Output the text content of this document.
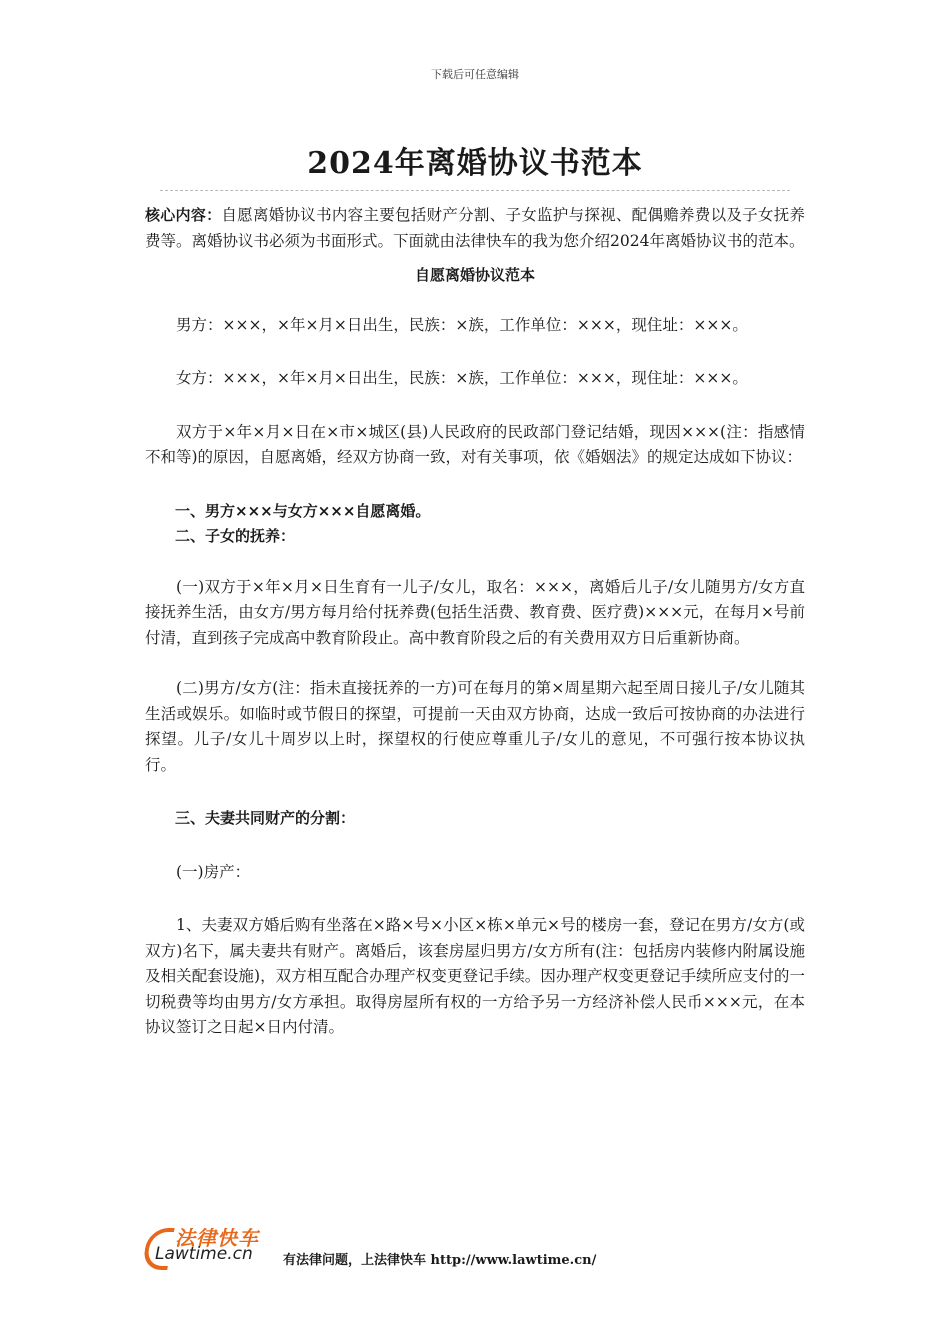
下载后可任意编辑
2024年离婚协议书范本

核心内容：自愿离婚协议书内容主要包括财产分割、子女监护与探视、配偶赡养费以及子女抚养费等。离婚协议书必须为书面形式。下面就由法律快车的我为您介绍2024年离婚协议书的范本。

自愿离婚协议范本

男方：×××，×年×月×日出生，民族：×族，工作单位：×××，现住址：×××。

女方：×××，×年×月×日出生，民族：×族，工作单位：×××，现住址：×××。

双方于×年×月×日在×市×城区(县)人民政府的民政部门登记结婚，现因×××(注：指感情不和等)的原因，自愿离婚，经双方协商一致，对有关事项，依《婚姻法》的规定达成如下协议：

一、男方×××与女方×××自愿离婚。

二、子女的抚养：

(一)双方于×年×月×日生育有一儿子/女儿，取名：×××，离婚后儿子/女儿随男方/女方直接抚养生活，由女方/男方每月给付抚养费(包括生活费、教育费、医疗费)×××元，在每月×号前付清，直到孩子完成高中教育阶段止。高中教育阶段之后的有关费用双方日后重新协商。

(二)男方/女方(注：指未直接抚养的一方)可在每月的第×周星期六起至周日接儿子/女儿随其生活或娱乐。如临时或节假日的探望，可提前一天由双方协商，达成一致后可按协商的办法进行探望。儿子/女儿十周岁以上时，探望权的行使应尊重儿子/女儿的意见，不可强行按本协议执行。

三、夫妻共同财产的分割：

(一)房产：

1、夫妻双方婚后购有坐落在×路×号×小区×栋×单元×号的楼房一套，登记在男方/女方(或双方)名下，属夫妻共有财产。离婚后，该套房屋归男方/女方所有(注：包括房内装修内附属设施及相关配套设施)，双方相互配合办理产权变更登记手续。因办理产权变更登记手续所应支付的一切税费等均由男方/女方承担。取得房屋所有权的一方给予另一方经济补偿人民币×××元，在本协议签订之日起×日内付清。

法律快车
Lawtime.cn 有法律问题，上法律快车 http://www.lawtime.cn/
